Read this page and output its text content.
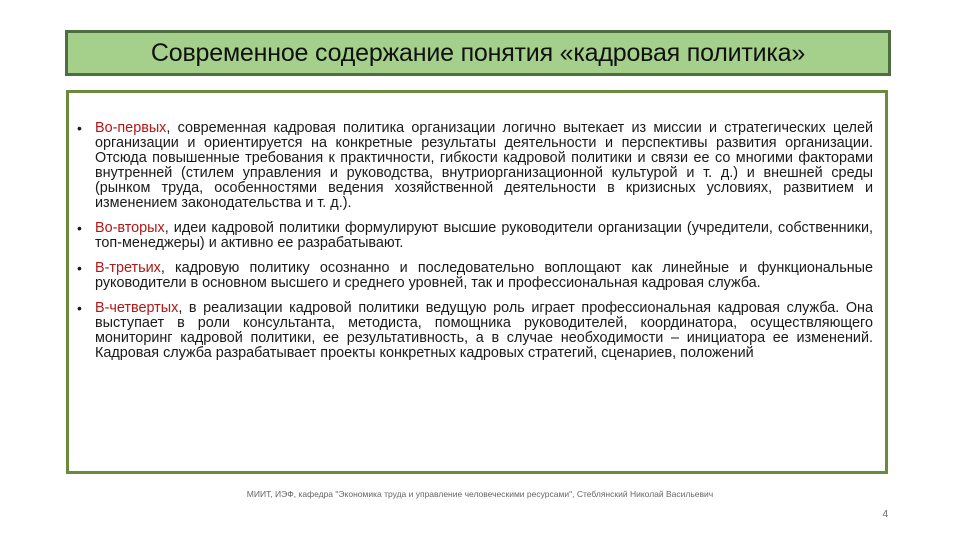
Современное содержание понятия «кадровая политика»
• Во-первых, современная кадровая политика организации логично вытекает из миссии и стратегических целей организации и ориентируется на конкретные результаты деятельности и перспективы развития организации. Отсюда повышенные требования к практичности, гибкости кадровой политики и связи ее со многими факторами внутренней (стилем управления и руководства, внутриорганизационной культурой и т. д.) и внешней среды (рынком труда, особенностями ведения хозяйственной деятельности в кризисных условиях, развитием и изменением законодательства и т. д.).
• Во-вторых, идеи кадровой политики формулируют высшие руководители организации (учредители, собственники, топ-менеджеры) и активно ее разрабатывают.
• В-третьих, кадровую политику осознанно и последовательно воплощают как линейные и функциональные руководители в основном высшего и среднего уровней, так и профессиональная кадровая служба.
• В-четвертых, в реализации кадровой политики ведущую роль играет профессиональная кадровая служба. Она выступает в роли консультанта, методиста, помощника руководителей, координатора, осуществляющего мониторинг кадровой политики, ее результативность, а в случае необходимости – инициатора ее изменений. Кадровая служба разрабатывает проекты конкретных кадровых стратегий, сценариев, положений
МИИТ, ИЭФ, кафедра "Экономика труда и управление человеческими ресурсами", Стеблянский Николай Васильевич
4
